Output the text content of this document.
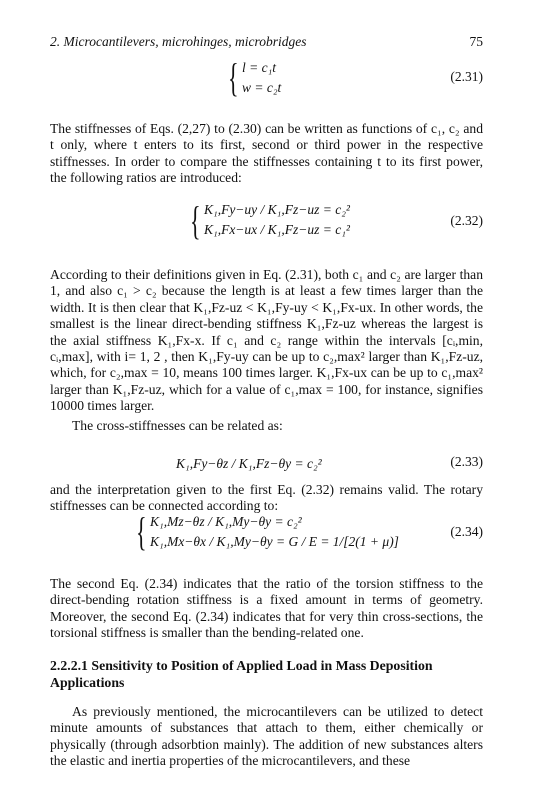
2. Microcantilevers, microhinges, microbridges	75
{ l = c₁t
w = c₂t
(2.31)

The stiffnesses of Eqs. (2,27) to (2.30) can be written as functions of c₁, c₂ and t only, where t enters to its first, second or third power in the respective stiffnesses. In order to compare the stiffnesses containing t to its first power, the following ratios are introduced:

{ K₁,Fy−uy / K₁,Fz−uz = c₂²
K₁,Fx−ux / K₁,Fz−uz = c₁²
(2.32)

According to their definitions given in Eq. (2.31), both c₁ and c₂ are larger than 1, and also c₁ > c₂ because the length is at least a few times larger than the width. It is then clear that K₁,Fz-uz < K₁,Fy-uy < K₁,Fx-ux. In other words, the smallest is the linear direct-bending stiffness K₁,Fz-uz whereas the largest is the axial stiffness K₁,Fx-x. If c₁ and c₂ range within the intervals [cᵢ,min, cᵢ,max], with i= 1, 2 , then K₁,Fy-uy can be up to c₂,max² larger than K₁,Fz-uz, which, for c₂,max = 10, means 100 times larger. K₁,Fx-ux can be up to c₁,max² larger than K₁,Fz-uz, which for a value of c₁,max = 100, for instance, signifies 10000 times larger.

The cross-stiffnesses can be related as:

K₁,Fy−θz / K₁,Fz−θy = c₂²	(2.33)

and the interpretation given to the first Eq. (2.32) remains valid. The rotary stiffnesses can be connected according to:

{ K₁,Mz−θz / K₁,My−θy = c₂²
K₁,Mx−θx / K₁,My−θy = G / E = 1/[2(1 + μ)]
(2.34)

The second Eq. (2.34) indicates that the ratio of the torsion stiffness to the direct-bending rotation stiffness is a fixed amount in terms of geometry. Moreover, the second Eq. (2.34) indicates that for very thin cross-sections, the torsional stiffness is smaller than the bending-related one.

2.2.2.1 Sensitivity to Position of Applied Load in Mass Deposition Applications

As previously mentioned, the microcantilevers can be utilized to detect minute amounts of substances that attach to them, either chemically or physically (through adsorbtion mainly). The addition of new substances alters the elastic and inertia properties of the microcantilevers, and these
